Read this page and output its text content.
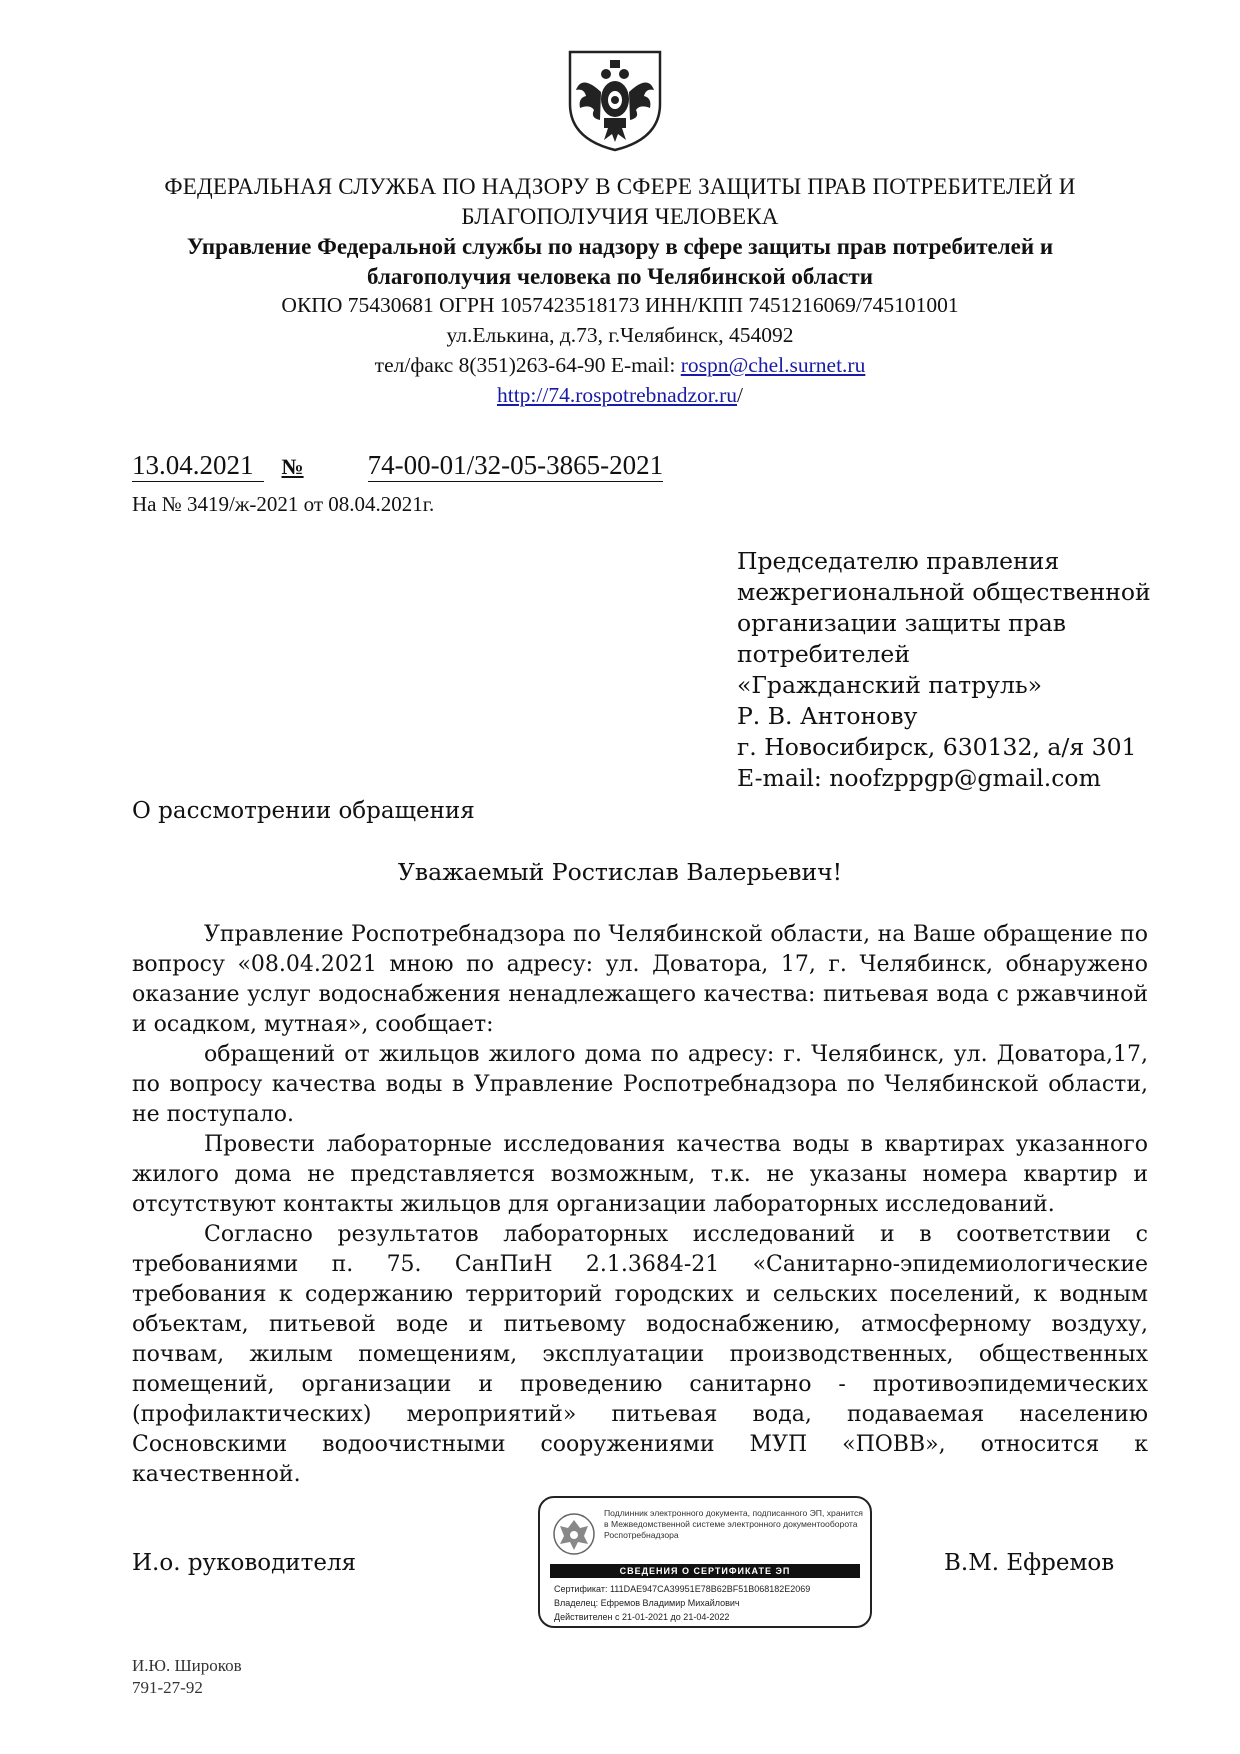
ФЕДЕРАЛЬНАЯ СЛУЖБА ПО НАДЗОРУ В СФЕРЕ ЗАЩИТЫ ПРАВ ПОТРЕБИТЕЛЕЙ И
БЛАГОПОЛУЧИЯ ЧЕЛОВЕКА
Управление Федеральной службы по надзору в сфере защиты прав потребителей и
благополучия человека по Челябинской области
ОКПО 75430681 ОГРН 1057423518173 ИНН/КПП 7451216069/745101001
ул.Елькина, д.73, г.Челябинск, 454092
тел/факс 8(351)263-64-90 E-mail: rospn@chel.surnet.ru
http://74.rospotrebnadzor.ru/
13.04.2021 № 74-00-01/32-05-3865-2021
На № 3419/ж-2021 от 08.04.2021г.
Председателю правления
межрегиональной общественной
организации защиты прав
потребителей
«Гражданский патруль»
Р. В. Антонову
г. Новосибирск, 630132, а/я 301
E-mail: noofzppgp@gmail.com
О рассмотрении обращения
Уважаемый Ростислав Валерьевич!

Управление Роспотребнадзора по Челябинской области, на Ваше обращение по вопросу «08.04.2021 мною по адресу: ул. Доватора, 17, г. Челябинск, обнаружено оказание услуг водоснабжения ненадлежащего качества: питьевая вода с ржавчиной и осадком, мутная», сообщает:

обращений от жильцов жилого дома по адресу: г. Челябинск, ул. Доватора,17, по вопросу качества воды в Управление Роспотребнадзора по Челябинской области, не поступало.

Провести лабораторные исследования качества воды в квартирах указанного жилого дома не представляется возможным, т.к. не указаны номера квартир и отсутствуют контакты жильцов для организации лабораторных исследований.

Согласно результатов лабораторных исследований и в соответствии с требованиями п. 75. СанПиН 2.1.3684-21 «Санитарно-эпидемиологические требования к содержанию территорий городских и сельских поселений, к водным объектам, питьевой воде и питьевому водоснабжению, атмосферному воздуху, почвам, жилым помещениям, эксплуатации производственных, общественных помещений, организации и проведению санитарно - противоэпидемических (профилактических) мероприятий» питьевая вода, подаваемая населению Сосновскими водоочистными сооружениями МУП «ПОВВ», относится к качественной.

И.о. руководителя	В.М. Ефремов
Подлинник электронного документа, подписанного ЭП, хранится в Межведомственной системе электронного документооборота Роспотребнадзора
СВЕДЕНИЯ О СЕРТИФИКАТЕ ЭП
Сертификат: 111DAE947CA39951E78B62BF51B068182E2069
Владелец: Ефремов Владимир Михайлович
Действителен с 21-01-2021 до 21-04-2022
И.Ю. Широков
791-27-92
